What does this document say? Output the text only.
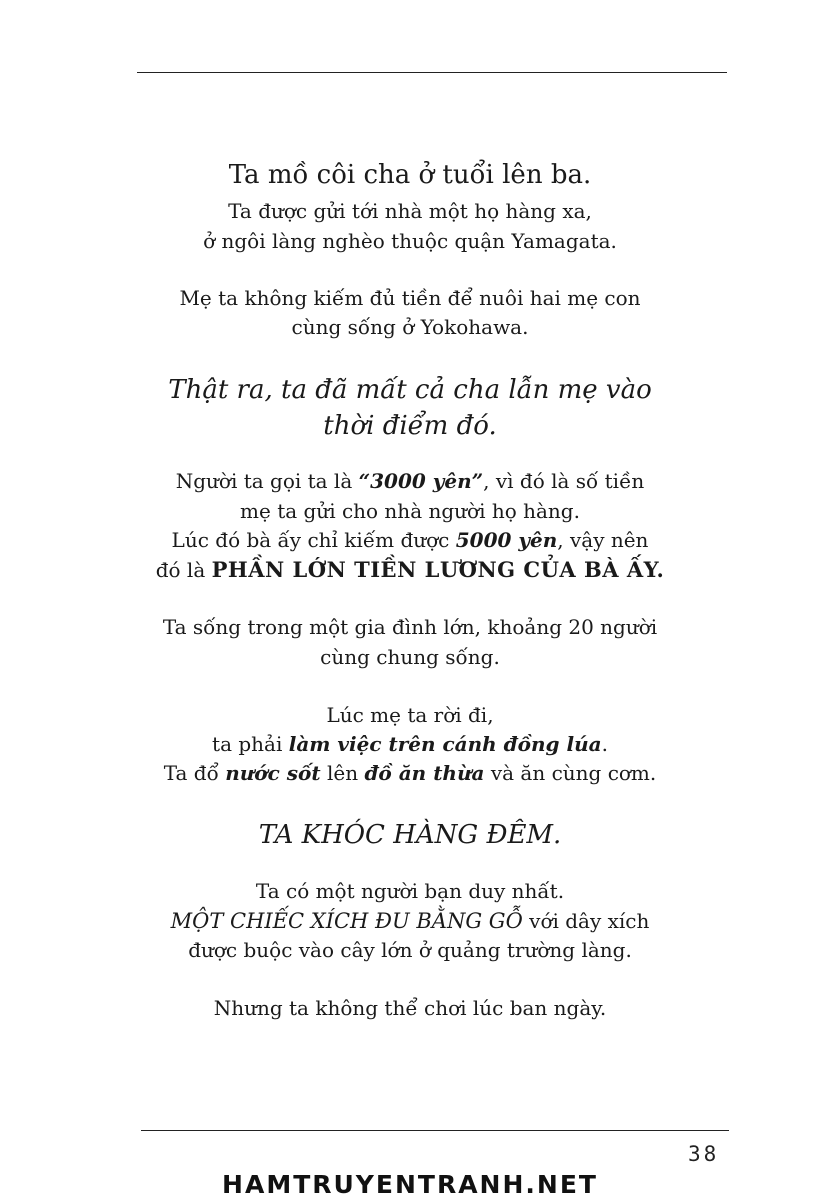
Ta mồ côi cha ở tuổi lên ba.
Ta được gửi tới nhà một họ hàng xa,
ở ngôi làng nghèo thuộc quận Yamagata.
Mẹ ta không kiếm đủ tiền để nuôi hai mẹ con
cùng sống ở Yokohawa.
Thật ra, ta đã mất cả cha lẫn mẹ vào
thời điểm đó.
Người ta gọi ta là “3000 yên”, vì đó là số tiền
mẹ ta gửi cho nhà người họ hàng.
Lúc đó bà ấy chỉ kiếm được 5000 yên, vậy nên
đó là PHẦN LỚN TIỀN LƯƠNG CỦA BÀ ẤY.
Ta sống trong một gia đình lớn, khoảng 20 người
cùng chung sống.
Lúc mẹ ta rời đi,
ta phải làm việc trên cánh đồng lúa.
Ta đổ nước sốt lên đồ ăn thừa và ăn cùng cơm.
TA KHÓC HÀNG ĐÊM.
Ta có một người bạn duy nhất.
MỘT CHIẾC XÍCH ĐU BẰNG GỖ với dây xích
được buộc vào cây lớn ở quảng trường làng.
Nhưng ta không thể chơi lúc ban ngày.
38
HAMTRUYENTRANH.NET
